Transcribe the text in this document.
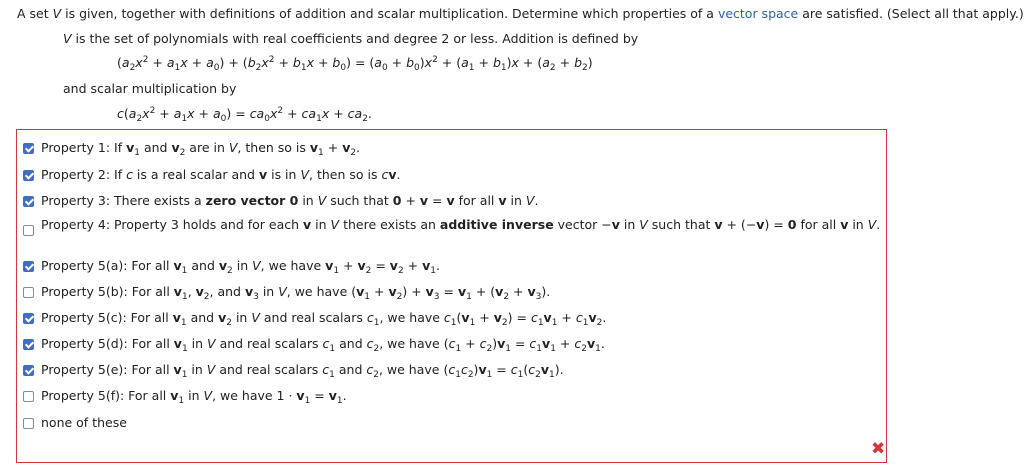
A set V is given, together with definitions of addition and scalar multiplication. Determine which properties of a vector space are satisfied. (Select all that apply.)
V is the set of polynomials with real coefficients and degree 2 or less. Addition is defined by
$(a_2x^2 + a_1x + a_0) + (b_2x^2 + b_1x + b_0) = (a_0 + b_0)x^2 + (a_1 + b_1)x + (a_2 + b_2)$
and scalar multiplication by
$c(a_2x^2 + a_1x + a_0) = ca_0x^2 + ca_1x + ca_2$.
Property 1: If $v_1$ and $v_2$ are in V, then so is $v_1 + v_2$.
Property 2: If c is a real scalar and v is in V, then so is cv.
Property 3: There exists a zero vector 0 in V such that 0 + v = v for all v in V.
Property 4: Property 3 holds and for each v in V there exists an additive inverse vector −v in V such that v + (−v) = 0 for all v in V.
Property 5(a): For all $v_1$ and $v_2$ in V, we have $v_1 + v_2 = v_2 + v_1$.
Property 5(b): For all $v_1$, $v_2$, and $v_3$ in V, we have $(v_1 + v_2) + v_3 = v_1 + (v_2 + v_3)$.
Property 5(c): For all $v_1$ and $v_2$ in V and real scalars $c_1$, we have $c_1(v_1 + v_2) = c_1v_1 + c_1v_2$.
Property 5(d): For all $v_1$ in V and real scalars $c_1$ and $c_2$, we have $(c_1 + c_2)v_1 = c_1v_1 + c_2v_1$.
Property 5(e): For all $v_1$ in V and real scalars $c_1$ and $c_2$, we have $(c_1c_2)v_1 = c_1(c_2v_1)$.
Property 5(f): For all $v_1$ in V, we have $1 \cdot v_1 = v_1$.
none of these
✖
